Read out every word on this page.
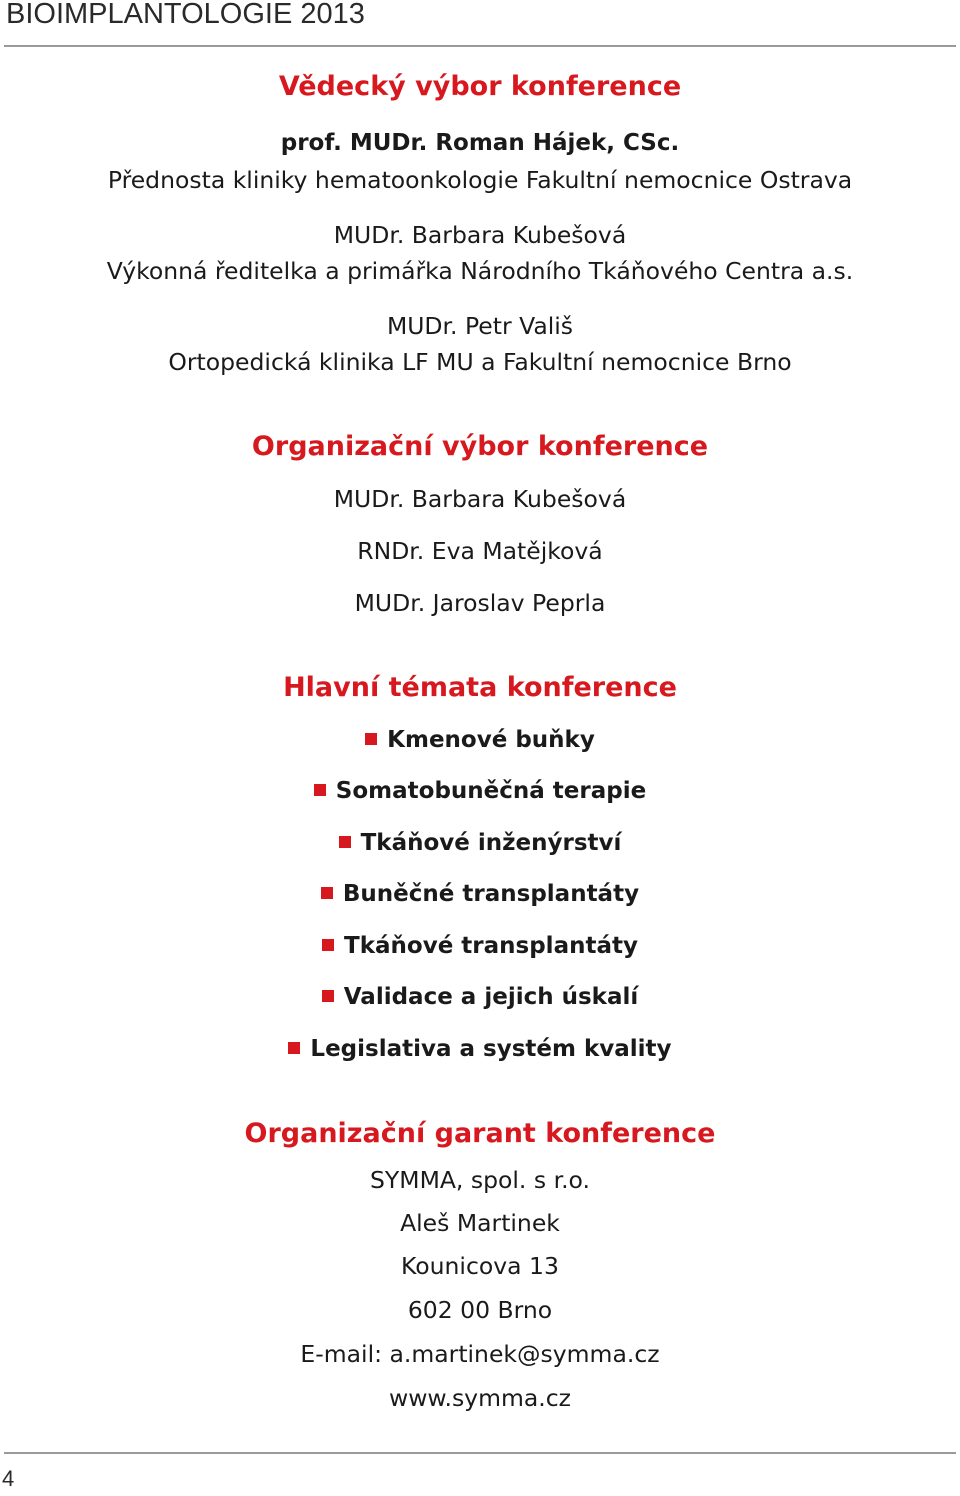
BIOIMPLANTOLOGIE 2013
Vědecký výbor konference
prof. MUDr. Roman Hájek, CSc.
Přednosta kliniky hematoonkologie Fakultní nemocnice Ostrava
MUDr. Barbara Kubešová
Výkonná ředitelka a primářka Národního Tkáňového Centra a.s.
MUDr. Petr Vališ
Ortopedická klinika LF MU a Fakultní nemocnice Brno
Organizační výbor konference
MUDr. Barbara Kubešová
RNDr. Eva Matějková
MUDr. Jaroslav Peprla
Hlavní témata konference
Kmenové buňky
Somatobuněčná terapie
Tkáňové inženýrství
Buněčné transplantáty
Tkáňové transplantáty
Validace a jejich úskalí
Legislativa a systém kvality
Organizační garant konference
SYMMA, spol. s r.o.
Aleš Martinek
Kounicova 13
602 00 Brno
E-mail: a.martinek@symma.cz
www.symma.cz
4
